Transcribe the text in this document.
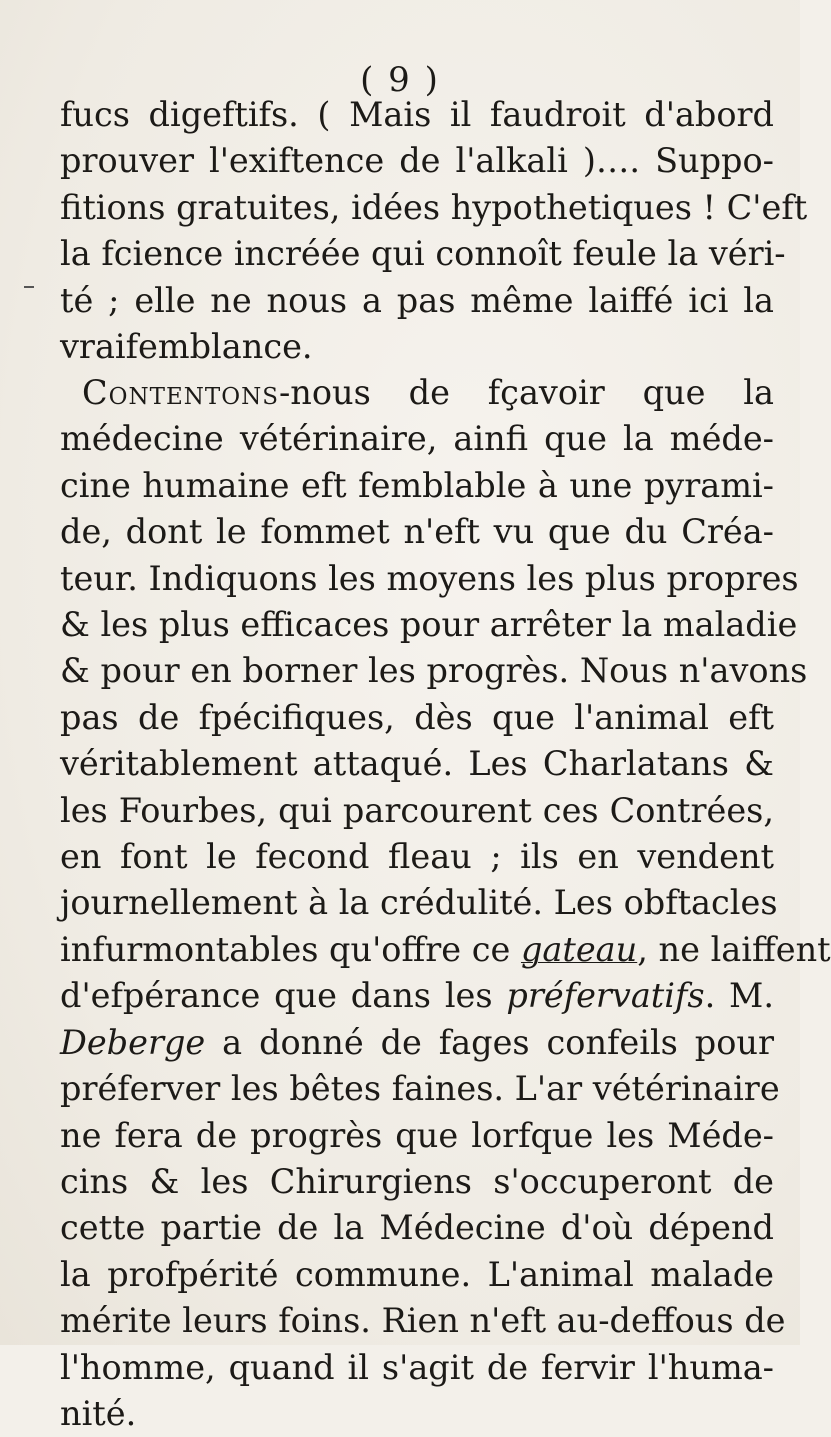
( 9 )
fucs digeftifs. ( Mais il faudroit d'abord
prouver l'exiftence de l'alkali )…. Suppo-
fitions gratuites, idées hypothetiques ! C'eft
la fcience incréée qui connoît feule la véri-
té ; elle ne nous a pas même laiffé ici la
vraifemblance.
Contentons-nous de fçavoir que la
médecine vétérinaire, ainfi que la méde-
cine humaine eft femblable à une pyrami-
de, dont le fommet n'eft vu que du Créa-
teur. Indiquons les moyens les plus propres
& les plus efficaces pour arrêter la maladie
& pour en borner les progrès. Nous n'avons
pas de fpécifiques, dès que l'animal eft
véritablement attaqué. Les Charlatans &
les Fourbes, qui parcourent ces Contrées,
en font le fecond fleau ; ils en vendent
journellement à la crédulité. Les obftacles
infurmontables qu'offre ce gateau, ne laiffent
d'efpérance que dans les préfervatifs. M.
Deberge a donné de fages confeils pour
préferver les bêtes faines. L'ar vétérinaire
ne fera de progrès que lorfque les Méde-
cins & les Chirurgiens s'occuperont de
cette partie de la Médecine d'où dépend
la profpérité commune. L'animal malade
mérite leurs foins. Rien n'eft au-deffous de
l'homme, quand il s'agit de fervir l'huma-
nité.
